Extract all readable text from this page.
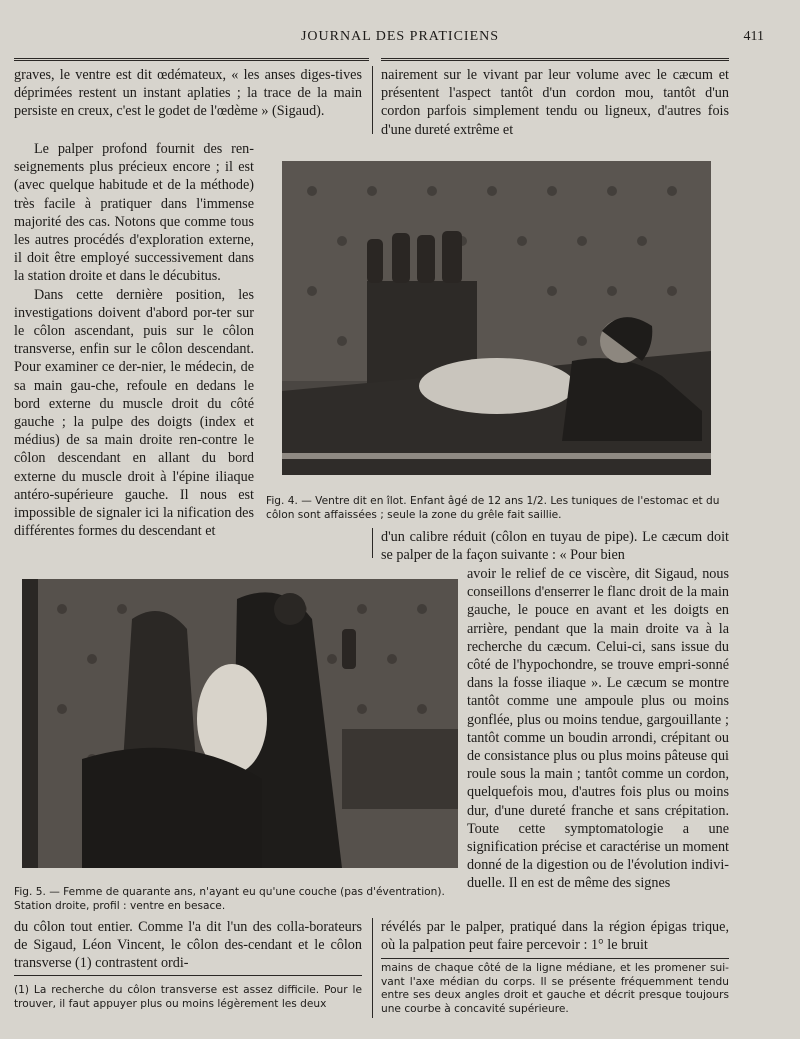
JOURNAL DES PRATICIENS	411

graves, le ventre est dit œdémateux, « les anses diges-tives déprimées restent un instant aplaties ; la trace de la main persiste en creux, c'est le godet de l'œdème » (Sigaud).

Le palper profond fournit des ren-seignements plus précieux encore ; il est (avec quelque habitude et de la méthode) très facile à pratiquer dans l'immense majorité des cas. Notons que comme tous les autres procédés d'exploration externe, il doit être employé successivement dans la station droite et dans le décubitus.

Dans cette dernière position, les investigations doivent d'abord por-ter sur le côlon ascendant, puis sur le côlon transverse, enfin sur le côlon descendant. Pour examiner ce der-nier, le médecin, de sa main gau-che, refoule en dedans le bord externe du muscle droit du côté gauche ; la pulpe des doigts (index et médius) de sa main droite ren-contre le côlon descendant en allant du bord externe du muscle droit à l'épine iliaque antéro-supérieure gauche. Il nous est impossible de signaler ici la nification des différentes formes du descendant et

nairement sur le vivant par leur volume avec le cæcum et présentent l'aspect tantôt d'un cordon mou, tantôt d'un cordon parfois simplement tendu ou ligneux, d'autres fois d'une dureté extrême et

Fig. 4. — Ventre dit en îlot. Enfant âgé de 12 ans 1/2. Les tuniques de l'estomac et du côlon sont affaissées ; seule la zone du grêle fait saillie.

d'un calibre réduit (côlon en tuyau de pipe). Le cæcum doit se palper de la façon suivante : « Pour bien

avoir le relief de ce viscère, dit Sigaud, nous conseillons d'enserrer le flanc droit de la main gauche, le pouce en avant et les doigts en arrière, pendant que la main droite va à la recherche du cæcum. Celui-ci, sans issue du côté de l'hypochondre, se trouve empri-sonné dans la fosse iliaque ». Le cæcum se montre tantôt comme une ampoule plus ou moins gonflée, plus ou moins tendue, gargouillante ; tantôt comme un boudin arrondi, crépitant ou de consistance plus ou plus moins pâteuse qui roule sous la main ; tantôt comme un cordon, quelquefois mou, d'autres fois plus ou moins dur, d'une dureté franche et sans crépitation. Toute cette symptomatologie a une signification précise et caractérise un moment donné de la digestion ou de l'évolution indivi-duelle. Il en est de même des signes

Fig. 5. — Femme de quarante ans, n'ayant eu qu'une couche (pas d'éventration). Station droite, profil : ventre en besace.

du côlon tout entier. Comme l'a dit l'un des colla-borateurs de Sigaud, Léon Vincent, le côlon des-cendant et le côlon transverse (1) contrastent ordi-

révélés par le palper, pratiqué dans la région épigas trique, où la palpation peut faire percevoir : 1° le bruit

(1) La recherche du côlon transverse est assez difficile. Pour le trouver, il faut appuyer plus ou moins légèrement les deux
mains de chaque côté de la ligne médiane, et les promener sui-vant l'axe médian du corps. Il se présente fréquemment tendu entre ses deux angles droit et gauche et décrit presque toujours une courbe à concavité supérieure.
